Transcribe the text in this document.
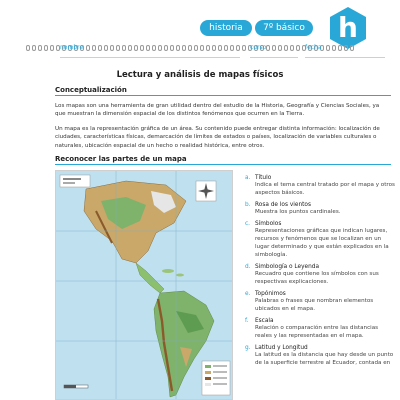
historia	7º básico	h
nombre	curso	fecha
Lectura y análisis de mapas físicos
Conceptualización
Los mapas son una herramienta de gran utilidad dentro del estudio de la Historia, Geografía y Ciencias Sociales, ya que muestran la dimensión espacial de los distintos fenómenos que ocurren en la Tierra.
Un mapa es la representación gráfica de un área. Su contenido puede entregar distinta información: localización de ciudades, características físicas, demarcación de límites de estados o países, localización de variables culturales o naturales, ubicación espacial de un hecho o realidad histórica, entre otros.
Reconocer las partes de un mapa
a. Título
Indica el tema central tratado por el mapa y otros aspectos básicos.
b. Rosa de los vientos
Muestra los puntos cardinales.
c. Símbolos
Representaciones gráficas que indican lugares, recursos y fenómenos que se localizan en un lugar determinado y que están explicados en la simbología.
d. Simbología o Leyenda
Recuadro que contiene los símbolos con sus respectivas explicaciones.
e. Topónimos
Palabras o frases que nombran elementos ubicados en el mapa.
f. Escala
Relación o comparación entre las distancias reales y las representadas en el mapa.
g. Latitud y Longitud
La latitud es la distancia que hay desde un punto de la superficie terrestre al Ecuador, contada en
